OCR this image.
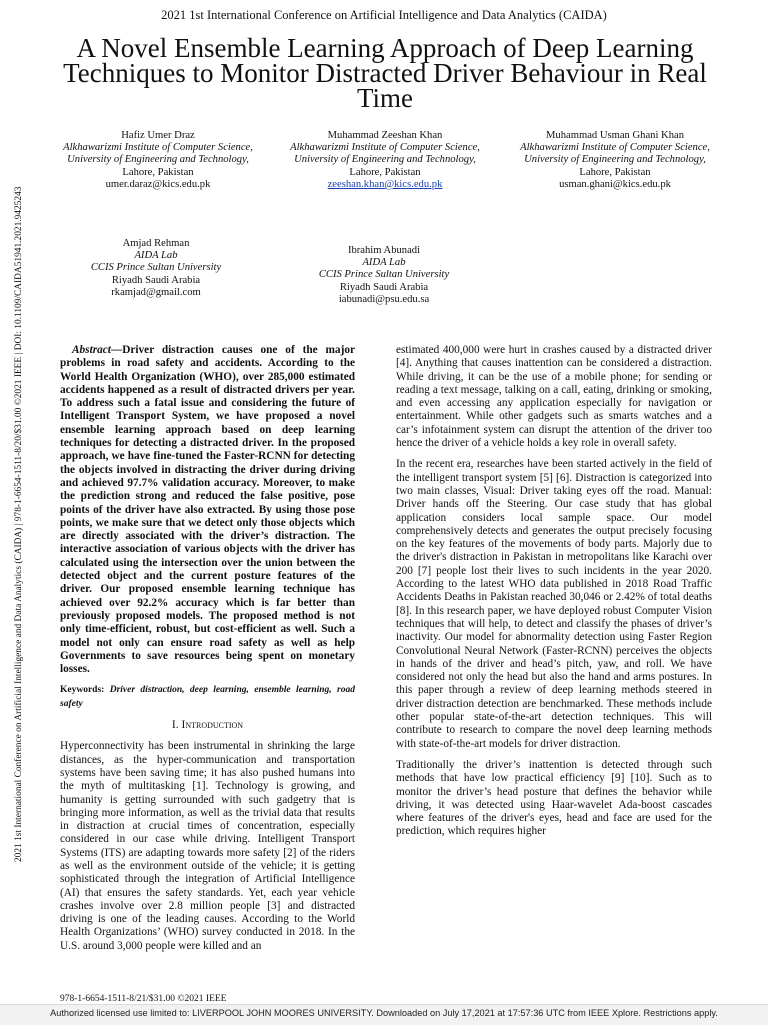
2021 1st International Conference on Artificial Intelligence and Data Analytics (CAIDA)
A Novel Ensemble Learning Approach of Deep Learning Techniques to Monitor Distracted Driver Behaviour in Real Time
2021 1st International Conference on Artificial Intelligence and Data Analytics (CAIDA) | 978-1-6654-1511-8/20/$31.00 ©2021 IEEE | DOI: 10.1109/CAIDA51941.2021.9425243
Hafiz Umer Draz
Alkhawarizmi Institute of Computer Science,
University of Engineering and Technology,
Lahore, Pakistan
umer.daraz@kics.edu.pk
Muhammad Zeeshan Khan
Alkhawarizmi Institute of Computer Science,
University of Engineering and Technology,
Lahore, Pakistan
zeeshan.khan@kics.edu.pk
Muhammad Usman Ghani Khan
Alkhawarizmi Institute of Computer Science,
University of Engineering and Technology,
Lahore, Pakistan
usman.ghani@kics.edu.pk
Amjad Rehman
AIDA Lab
CCIS Prince Sultan University
Riyadh Saudi Arabia
rkamjad@gmail.com
Ibrahim Abunadi
AIDA Lab
CCIS Prince Sultan University
Riyadh Saudi Arabia
iabunadi@psu.edu.sa

Abstract—Driver distraction causes one of the major problems in road safety and accidents. According to the World Health Organization (WHO), over 285,000 estimated accidents happened as a result of distracted drivers per year. To address such a fatal issue and considering the future of Intelligent Transport System, we have proposed a novel ensemble learning approach based on deep learning techniques for detecting a distracted driver. In the proposed approach, we have fine-tuned the Faster-RCNN for detecting the objects involved in distracting the driver during driving and achieved 97.7% validation accuracy. Moreover, to make the prediction strong and reduced the false positive, pose points of the driver have also extracted. By using those pose points, we make sure that we detect only those objects which are directly associated with the driver’s distraction. The interactive association of various objects with the driver has calculated using the intersection over the union between the detected object and the current posture features of the driver. Our proposed ensemble learning technique has achieved over 92.2% accuracy which is far better than previously proposed models. The proposed method is not only time-efficient, robust, but cost-efficient as well. Such a model not only can ensure road safety as well as help Governments to save resources being spent on monetary losses.

Keywords: Driver distraction, deep learning, ensemble learning, road safety

I. Introduction

Hyperconnectivity has been instrumental in shrinking the large distances, as the hyper-communication and transportation systems have been saving time; it has also pushed humans into the myth of multitasking [1]. Technology is growing, and humanity is getting surrounded with such gadgetry that is bringing more information, as well as the trivial data that results in distraction at crucial times of concentration, especially considered in our case while driving. Intelligent Transport Systems (ITS) are adapting towards more safety [2] of the riders as well as the environment outside of the vehicle; it is getting sophisticated through the integration of Artificial Intelligence (AI) that ensures the safety standards. Yet, each year vehicle crashes involve over 2.8 million people [3] and distracted driving is one of the leading causes. According to the World Health Organizations’ (WHO) survey conducted in 2018. In the U.S. around 3,000 people were killed and an

estimated 400,000 were hurt in crashes caused by a distracted driver [4]. Anything that causes inattention can be considered a distraction. While driving, it can be the use of a mobile phone; for sending or reading a text message, talking on a call, eating, drinking or smoking, and even accessing any application especially for navigation or entertainment. While other gadgets such as smarts watches and a car’s infotainment system can disrupt the attention of the driver too hence the driver of a vehicle holds a key role in overall safety.

In the recent era, researches have been started actively in the field of the intelligent transport system [5] [6]. Distraction is categorized into two main classes, Visual: Driver taking eyes off the road. Manual: Driver hands off the Steering. Our case study that has global application considers local sample space. Our model comprehensively detects and generates the output precisely focusing on the key features of the movements of body parts. Majorly due to the driver's distraction in Pakistan in metropolitans like Karachi over 200 [7] people lost their lives to such incidents in the year 2020. According to the latest WHO data published in 2018 Road Traffic Accidents Deaths in Pakistan reached 30,046 or 2.42% of total deaths [8]. In this research paper, we have deployed robust Computer Vision techniques that will help, to detect and classify the phases of driver’s inactivity. Our model for abnormality detection using Faster Region Convolutional Neural Network (Faster-RCNN) perceives the objects in hands of the driver and head’s pitch, yaw, and roll. We have considered not only the head but also the hand and arms postures. In this paper through a review of deep learning methods steered in driver distraction detection are benchmarked. These methods include other popular state-of-the-art detection techniques. This will contribute to research to compare the novel deep learning methods with state-of-the-art models for driver distraction.

Traditionally the driver’s inattention is detected through such methods that have low practical efficiency [9] [10]. Such as to monitor the driver’s head posture that defines the behavior while driving, it was detected using Haar-wavelet Ada-boost cascades where features of the driver's eyes, head and face are used for the prediction, which requires higher

978-1-6654-1511-8/21/$31.00 ©2021 IEEE
Authorized licensed use limited to: LIVERPOOL JOHN MOORES UNIVERSITY. Downloaded on July 17,2021 at 17:57:36 UTC from IEEE Xplore. Restrictions apply.
